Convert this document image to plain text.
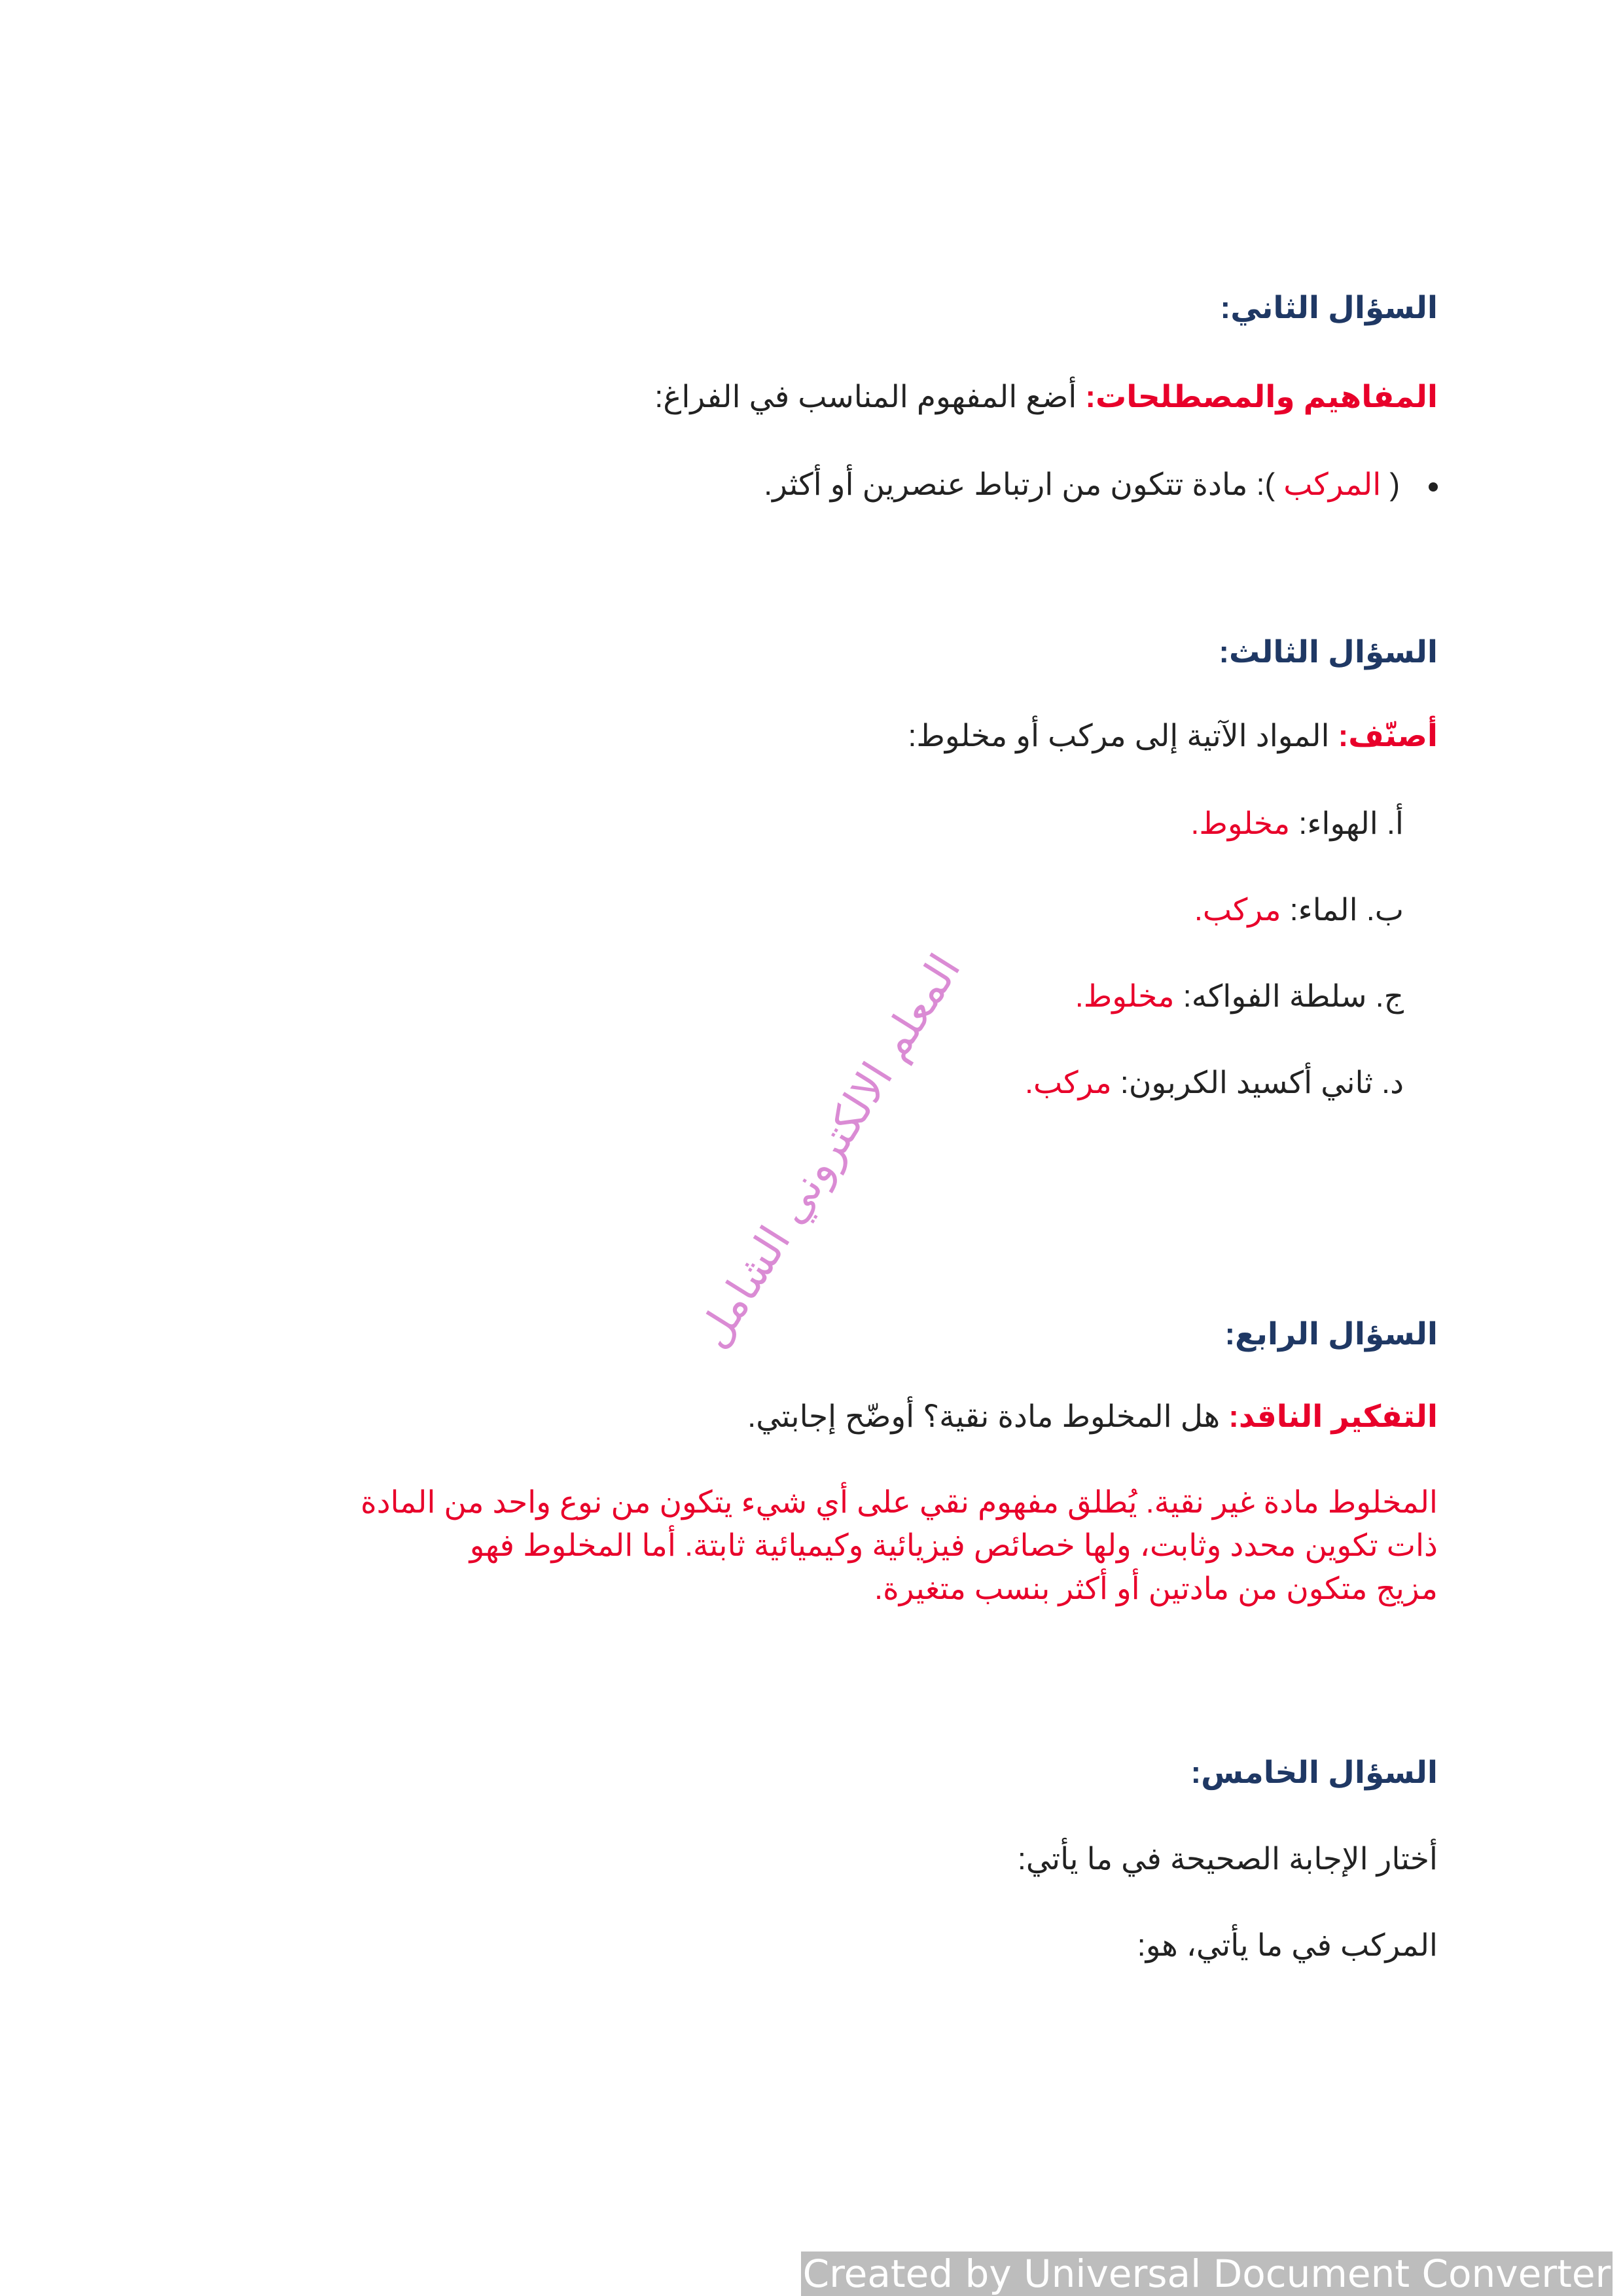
السؤال الثاني:
المفاهيم والمصطلحات: أضع المفهوم المناسب في الفراغ:
( المركب ): مادة تتكون من ارتباط عنصرين أو أكثر.
السؤال الثالث:
أصنّف: المواد الآتية إلى مركب أو مخلوط:
أ. الهواء: مخلوط.
ب. الماء: مركب.
ج. سلطة الفواكه: مخلوط.
د. ثاني أكسيد الكربون: مركب.
المعلم الالكتروني الشامل	السؤال الرابع:
التفكير الناقد: هل المخلوط مادة نقية؟ أوضّح إجابتي.
المخلوط مادة غير نقية. يُطلق مفهوم نقي على أي شيء يتكون من نوع واحد من المادة
ذات تكوين محدد وثابت، ولها خصائص فيزيائية وكيميائية ثابتة. أما المخلوط فهو
مزيج متكون من مادتين أو أكثر بنسب متغيرة.
السؤال الخامس:
أختار الإجابة الصحيحة في ما يأتي:
المركب في ما يأتي، هو:
Created by Universal Document Converter
